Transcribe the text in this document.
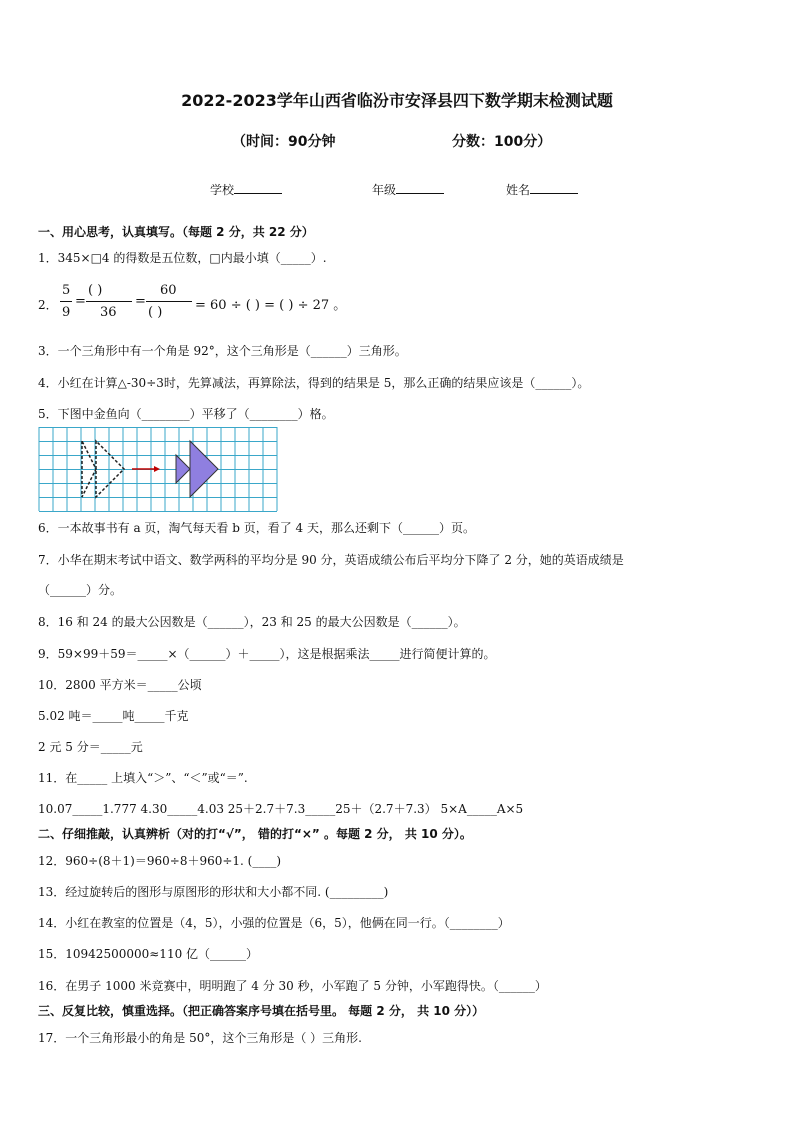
2022-2023学年山西省临汾市安泽县四下数学期末检测试题
（时间：90分钟	分数：100分）
学校	年级	姓名
一、用心思考，认真填写。（每题 2 分，共 22 分）
1．345×□4 的得数是五位数，□内最小填（_____）.
2．
5
9
=
( )
36
=
60
( )	= 60 ÷ ( ) = ( ) ÷ 27 。
3．一个三角形中有一个角是 92°，这个三角形是（______）三角形。
4．小红在计算△-30÷3时，先算减法，再算除法，得到的结果是 5，那么正确的结果应该是（______）。
5．下图中金鱼向（________）平移了（________）格。
6．一本故事书有 a 页，淘气每天看 b 页，看了 4 天，那么还剩下（______）页。
7．小华在期末考试中语文、数学两科的平均分是 90 分，英语成绩公布后平均分下降了 2 分，她的英语成绩是
（______）分。
8．16 和 24 的最大公因数是（______），23 和 25 的最大公因数是（______）。
9．59×99＋59＝_____×（______）＋_____），这是根据乘法_____进行简便计算的。
10．2800 平方米＝_____公顷
5.02 吨＝_____吨_____千克
2 元 5 分＝_____元
11．在_____ 上填入“＞”、“＜”或“＝”.
10.07_____1.777 4.30_____4.03 25＋2.7＋7.3_____25＋（2.7＋7.3） 5×A_____A×5
二、仔细推敲，认真辨析（对的打“√”， 错的打“×” 。每题 2 分， 共 10 分）。
12．960÷(8＋1)＝960÷8＋960÷1. (____)
13．经过旋转后的图形与原图形的形状和大小都不同. (_________)
14．小红在教室的位置是（4，5），小强的位置是（6，5），他俩在同一行。（________）
15．10942500000≈110 亿（______）
16．在男子 1000 米竞赛中，明明跑了 4 分 30 秒，小军跑了 5 分钟，小军跑得快。（______）
三、反复比较，慎重选择。（把正确答案序号填在括号里。 每题 2 分， 共 10 分））
17．一个三角形最小的角是 50°，这个三角形是（ ）三角形.
